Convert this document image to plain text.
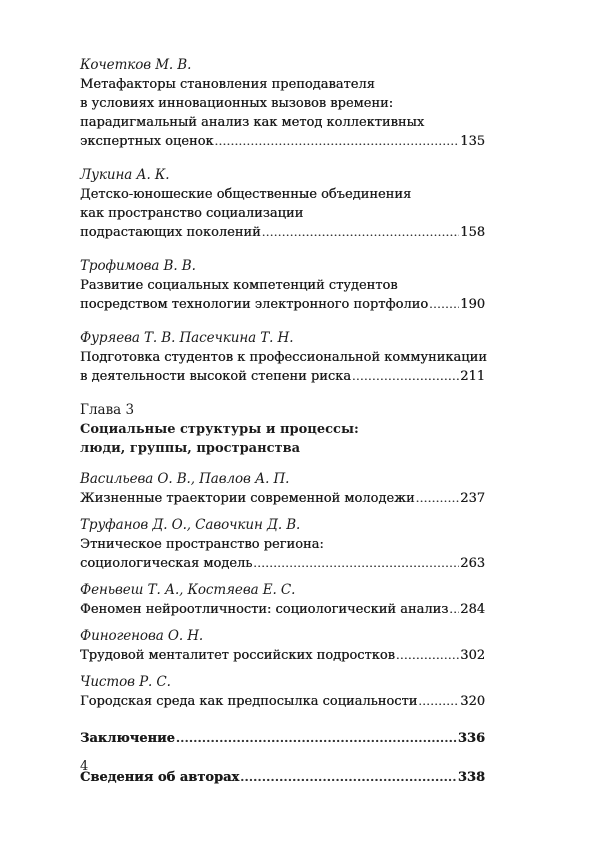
Кочетков М. В.
Метафакторы становления преподавателя
в условиях инновационных вызовов времени:
парадигмальный анализ как метод коллективных
экспертных оценок .....	135
Лукина А. К.
Детско-юношеские общественные объединения
как пространство социализации
подрастающих поколений .....	158
Трофимова В. В.
Развитие социальных компетенций студентов
посредством технологии электронного портфолио ..... 190
Фуряева Т. В. Пасечкина Т. Н.
Подготовка студентов к профессиональной коммуникации
в деятельности высокой степени риска .....	211
Глава 3
Социальные структуры и процессы:
люди, группы, пространства
Васильева О. В., Павлов А. П.
Жизненные траектории современной молодежи .....	237
Труфанов Д. О., Савочкин Д. В.
Этническое пространство региона:
социологическая модель .....	263
Феньвеш Т. А., Костяева Е. С.
Феномен нейроотличности: социологический анализ ..... 284
Финогенова О. Н.
Трудовой менталитет российских подростков .....	302
Чистов Р. С.
Городская среда как предпосылка социальности .....	320
Заключение .....	336
Сведения об авторах .....	338
4
